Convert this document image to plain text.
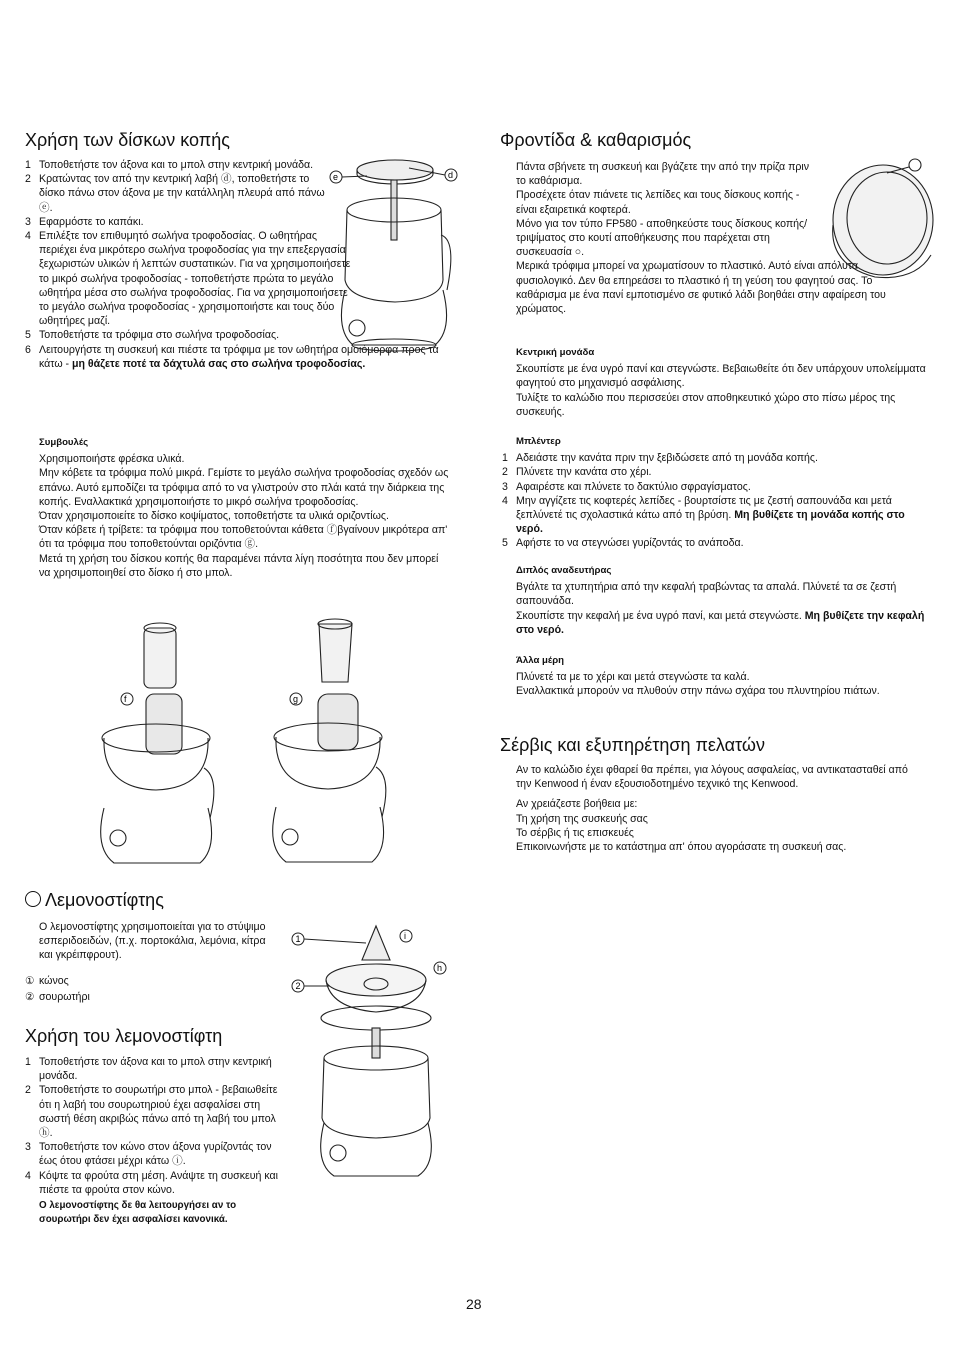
Χρήση των δίσκων κοπής
1 Τοποθετήστε τον άξονα και το μπολ στην κεντρική μονάδα.
2 Κρατώντας τον από την κεντρική λαβή ⓓ, τοποθετήστε το δίσκο πάνω στον άξονα με την κατάλληλη πλευρά από πάνω ⓔ.
3 Εφαρμόστε το καπάκι.
4 Επιλέξτε τον επιθυμητό σωλήνα τροφοδοσίας. Ο ωθητήρας περιέχει ένα μικρότερο σωλήνα τροφοδοσίας για την επεξεργασία ξεχωριστών υλικών ή λεπτών συστατικών. Για να χρησιμοποιήσετε το μικρό σωλήνα τροφοδοσίας - τοποθετήστε πρώτα το μεγάλο ωθητήρα μέσα στο σωλήνα τροφοδοσίας. Για να χρησιμοποιήσετε το μεγάλο σωλήνα τροφοδοσίας - χρησιμοποιήστε και τους δύο ωθητήρες μαζί.
5 Τοποθετήστε τα τρόφιμα στο σωλήνα τροφοδοσίας.
6 Λειτουργήστε τη συσκευή και πιέστε τα τρόφιμα με τον ωθητήρα ομοιόμορφα προς τα κάτω - μη θάζετε ποτέ τα δάχτυλά σας στο σωλήνα τροφοδοσίας.
Συμβουλές
Χρησιμοποιήστε φρέσκα υλικά.
Μην κόβετε τα τρόφιμα πολύ μικρά. Γεμίστε το μεγάλο σωλήνα τροφοδοσίας σχεδόν ως επάνω. Αυτό εμποδίζει τα τρόφιμα από το να γλιστρούν στο πλάι κατά την διάρκεια της κοπής. Εναλλακτικά χρησιμοποιήστε το μικρό σωλήνα τροφοδοσίας.
Όταν χρησιμοποιείτε το δίσκο κοψίματος, τοποθετήστε τα υλικά οριζοντίως.
Όταν κόβετε ή τρίβετε: τα τρόφιμα που τοποθετούνται κάθετα ⓕβγαίνουν μικρότερα απ' ότι τα τρόφιμα που τοποθετούνται οριζόντια ⓖ.
Μετά τη χρήση του δίσκου κοπής θα παραμένει πάντα λίγη ποσότητα που δεν μπορεί να χρησιμοποιηθεί στο δίσκο ή στο μπολ.
Λεμονοστίφτης
Ο λεμονοστίφτης χρησιμοποιείται για το στύψιμο εσπεριδοειδών, (π.χ. πορτοκάλια, λεμόνια, κίτρα και γκρέιπφρουτ).
① κώνος
② σουρωτήρι
Χρήση του λεμονοστίφτη
1 Τοποθετήστε τον άξονα και το μπολ στην κεντρική μονάδα.
2 Τοποθετήστε το σουρωτήρι στο μπολ - βεβαιωθείτε ότι η λαβή του σουρωτηριού έχει ασφαλίσει στη σωστή θέση ακριβώς πάνω από τη λαβή του μπολ ⓗ.
3 Τοποθετήστε τον κώνο στον άξονα γυρίζοντάς τον έως ότου φτάσει μέχρι κάτω ⓘ.
4 Κόψτε τα φρούτα στη μέση. Ανάψτε τη συσκευή και πιέστε τα φρούτα στον κώνο.
Ο λεμονοστίφτης δε θα λειτουργήσει αν το σουρωτήρι δεν έχει ασφαλίσει κανονικά.
e	d
f	g
1
2
i
h
Φροντίδα & καθαρισμός
Πάντα σβήνετε τη συσκευή και βγάζετε την από την πρίζα πριν το καθάρισμα.
Προσέχετε όταν πιάνετε τις λεπίδες και τους δίσκους κοπής - είναι εξαιρετικά κοφτερά.
Μόνο για τον τύπο FP580 - αποθηκεύστε τους δίσκους κοπής/τριψίματος στο κουτί αποθήκευσης που παρέχεται στη συσκευασία ○.
Μερικά τρόφιμα μπορεί να χρωματίσουν το πλαστικό. Αυτό είναι απόλυτα φυσιολογικό. Δεν θα επηρεάσει το πλαστικό ή τη γεύση του φαγητού σας. Το καθάρισμα με ένα πανί εμποτισμένο σε φυτικό λάδι βοηθάει στην αφαίρεση του χρώματος.
Κεντρική μονάδα
Σκουπίστε με ένα υγρό πανί και στεγνώστε. Βεβαιωθείτε ότι δεν υπάρχουν υπολείμματα φαγητού στο μηχανισμό ασφάλισης.
Τυλίξτε το καλώδιο που περισσεύει στον αποθηκευτικό χώρο στο πίσω μέρος της συσκευής.
Μπλέντερ
1 Αδειάστε την κανάτα πριν την ξεβιδώσετε από τη μονάδα κοπής.
2 Πλύνετε την κανάτα στο χέρι.
3 Αφαιρέστε και πλύνετε το δακτύλιο σφραγίσματος.
4 Μην αγγίζετε τις κοφτερές λεπίδες - βουρτσίστε τις με ζεστή σαπουνάδα και μετά ξεπλύνετέ τις σχολαστικά κάτω από τη βρύση. Μη βυθίζετε τη μονάδα κοπής στο νερό.
5 Αφήστε το να στεγνώσει γυρίζοντάς το ανάποδα.
Διπλός αναδευτήρας
Βγάλτε τα χτυπητήρια από την κεφαλή τραβώντας τα απαλά. Πλύνετέ τα σε ζεστή σαπουνάδα.
Σκουπίστε την κεφαλή με ένα υγρό πανί, και μετά στεγνώστε. Μη βυθίζετε την κεφαλή στο νερό.
Άλλα μέρη
Πλύνετέ τα με το χέρι και μετά στεγνώστε τα καλά.
Εναλλακτικά μπορούν να πλυθούν στην πάνω σχάρα του πλυντηρίου πιάτων.
Σέρβις και εξυπηρέτηση πελατών
Αν το καλώδιο έχει φθαρεί θα πρέπει, για λόγους ασφαλείας, να αντικατασταθεί από την Kenwood ή έναν εξουσιοδοτημένο τεχνικό της Kenwood.
Αν χρειάζεστε βοήθεια με:
Τη χρήση της συσκευής σας
Το σέρβις ή τις επισκευές
Επικοινωνήστε με το κατάστημα απ' όπου αγοράσατε τη συσκευή σας.
28
